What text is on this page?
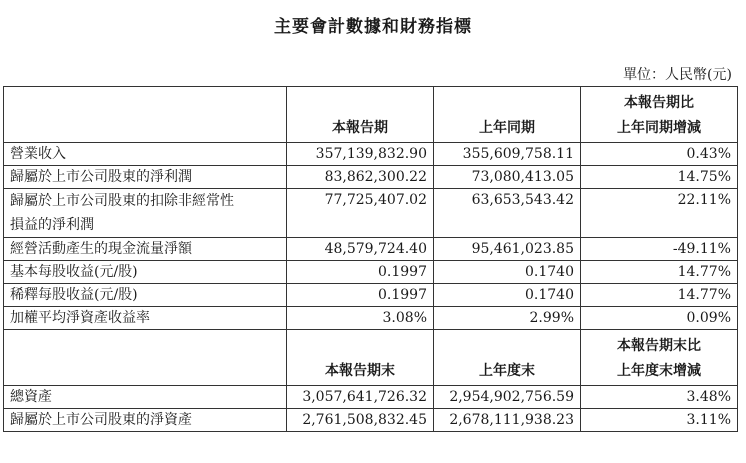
主要會計數據和財務指標
單位：人民幣(元)
	本報告期	上年同期	本報告期比
上年同期增減

營業收入	357,139,832.90	355,609,758.11	0.43%
歸屬於上市公司股東的淨利潤	83,862,300.22	73,080,413.05	14.75%

歸屬於上市公司股東的扣除非經常性
損益的淨利潤	77,725,407.02	63,653,543.42	22.11%
經營活動產生的現金流量淨額	48,579,724.40	95,461,023.85	-49.11%
基本每股收益(元/股)	0.1997	0.1740	14.77%
稀釋每股收益(元/股)	0.1997	0.1740	14.77%
加權平均淨資產收益率	3.08%	2.99%	0.09%
	本報告期末	上年度末	本報告期末比
上年度末增減

總資產	3,057,641,726.32	2,954,902,756.59	3.48%
歸屬於上市公司股東的淨資產	2,761,508,832.45	2,678,111,938.23	3.11%
